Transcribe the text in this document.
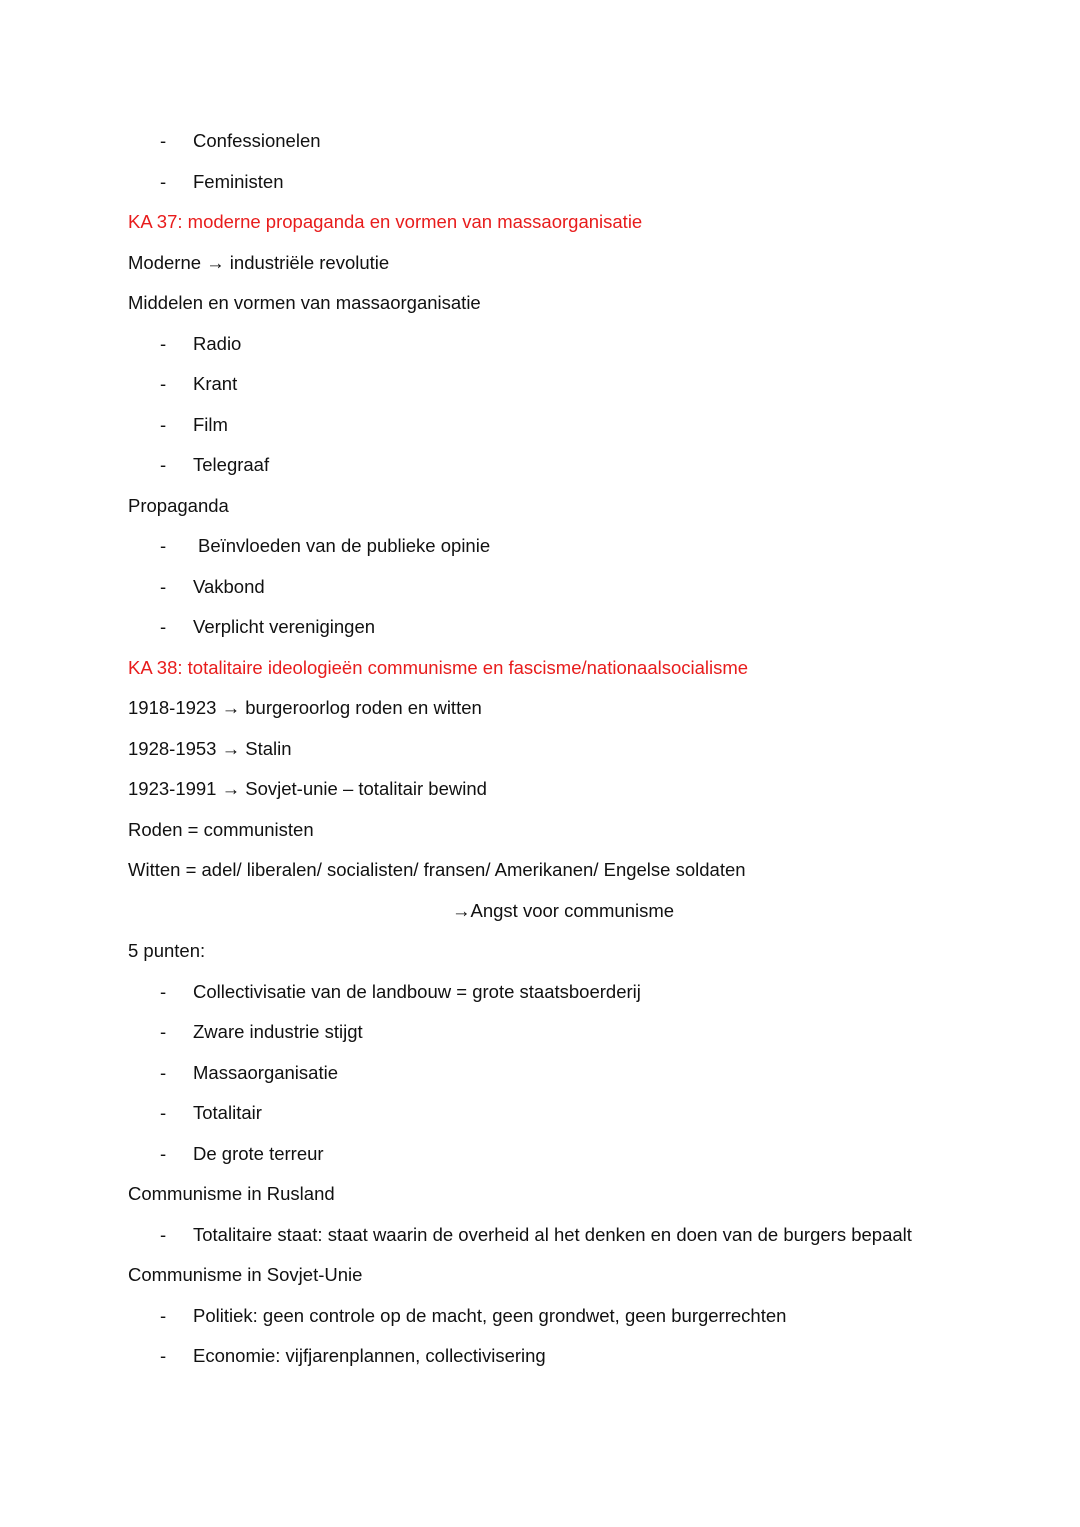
- Confessionelen
- Feministen
KA 37: moderne propaganda en vormen van massaorganisatie
Moderne → industriële revolutie
Middelen en vormen van massaorganisatie
- Radio
- Krant
- Film
- Telegraaf
Propaganda
- Beïnvloeden van de publieke opinie
- Vakbond
- Verplicht verenigingen
KA 38: totalitaire ideologieën communisme en fascisme/nationaalsocialisme
1918-1923 → burgeroorlog roden en witten
1928-1953 → Stalin
1923-1991 → Sovjet-unie – totalitair bewind
Roden = communisten
Witten = adel/ liberalen/ socialisten/ fransen/ Amerikanen/ Engelse soldaten
→Angst voor communisme
5 punten:
- Collectivisatie van de landbouw = grote staatsboerderij
- Zware industrie stijgt
- Massaorganisatie
- Totalitair
- De grote terreur
Communisme in Rusland
- Totalitaire staat: staat waarin de overheid al het denken en doen van de burgers bepaalt
Communisme in Sovjet-Unie
- Politiek: geen controle op de macht, geen grondwet, geen burgerrechten
- Economie: vijfjarenplannen, collectivisering
